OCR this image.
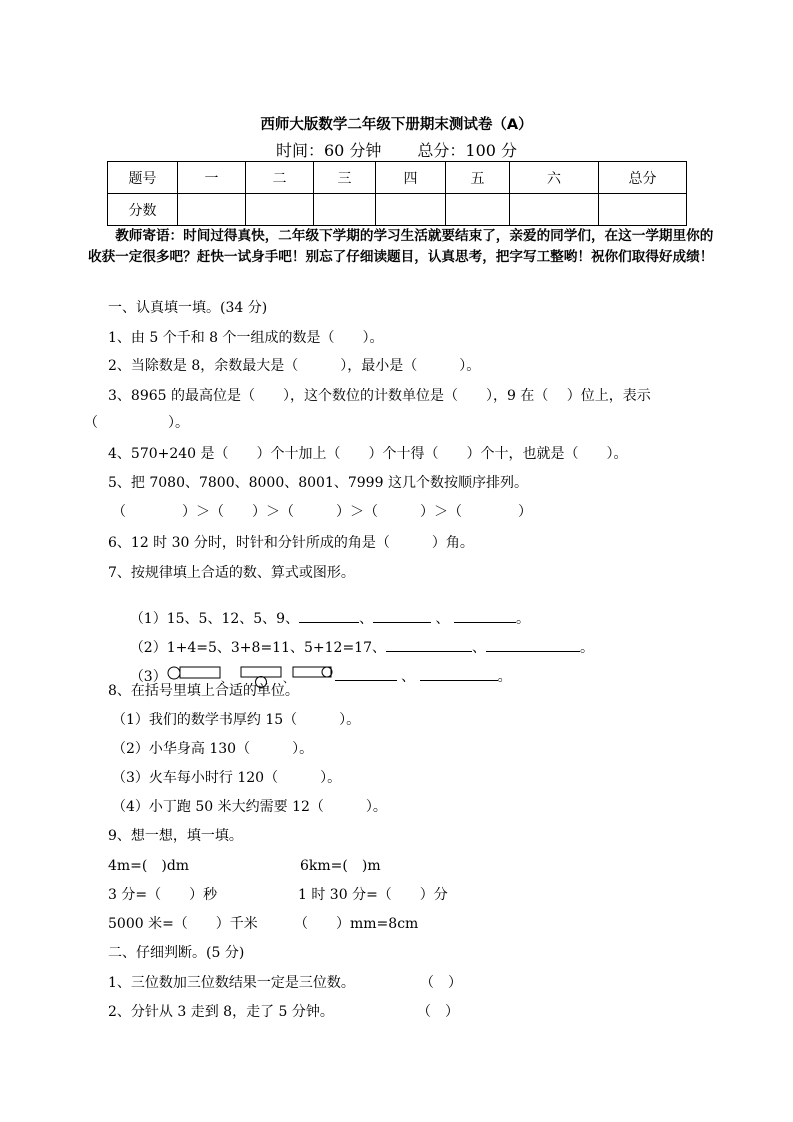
西师大版数学二年级下册期末测试卷（A）
时间：60 分钟 总分：100 分
题号	一	二	三	四	五	六	总分
分数							
教师寄语：时间过得真快，二年级下学期的学习生活就要结束了，亲爱的同学们，在这一学期里你的收获一定很多吧？赶快一试身手吧！别忘了仔细读题目，认真思考，把字写工整哟！祝你们取得好成绩！
一、认真填一填。(34 分)
1、由 5 个千和 8 个一组成的数是（　　）。
2、当除数是 8，余数最大是（　　　），最小是（　　　）。
3、8965 的最高位是（　　），这个数位的计数单位是（　　），9 在（　 ）位上，表示
（　　　　　）。
4、570+240 是（　　）个十加上（　　）个十得（　　）个十，也就是（　　）。
5、把 7080、7800、8000、8001、7999 这几个数按顺序排列。
（　　　　）＞（　　）＞（　　　）＞（　　　）＞（　　　　）
6、12 时 30 分时，时针和分针所成的角是（　　　）角。
7、按规律填上合适的数、算式或图形。

（1）15、5、12、5、9、	、	、	。

（2）1+4=5、3+8=11、5+12=17、	、	。

（3）	、	、	、	。

8、在括号里填上合适的单位。
（1）我们的数学书厚约 15（　　　）。
（2）小华身高 130（　　　）。
（3）火车每小时行 120（　　　）。
（4）小丁跑 50 米大约需要 12（　　　）。
9、想一想，填一填。
4m=(　)dm	6km=(　)m
3 分=（　　）秒	1 时 30 分=（　　）分
5000 米=（　　）千米	（　　）mm=8cm
二、仔细判断。(5 分)
1、三位数加三位数结果一定是三位数。	（　）
2、分针从 3 走到 8，走了 5 分钟。	（　）
